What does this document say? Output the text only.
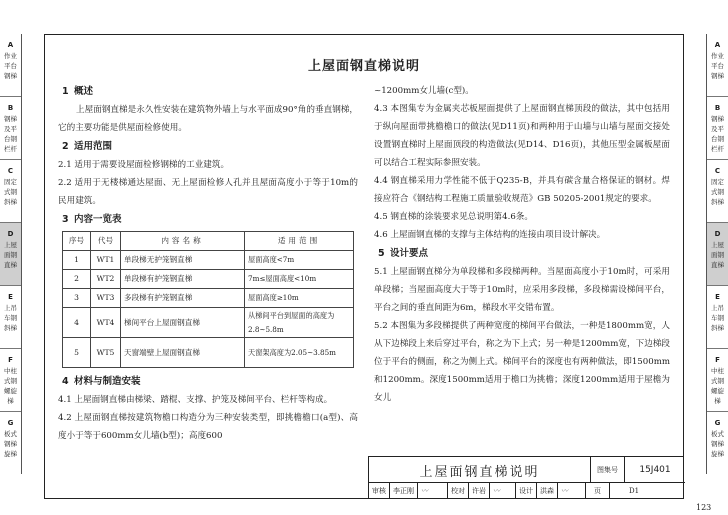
A
作业平台钢梯
B
钢梯及平台钢栏杆
C
固定式钢斜梯
D
上屋面钢直梯
E
上吊车钢斜梯
F
中柱式钢螺旋梯
G
板式钢梯旋梯
A
作业平台钢梯
B
钢梯及平台钢栏杆
C
固定式钢斜梯
D
上屋面钢直梯
E
上吊车钢斜梯
F
中柱式钢螺旋梯
G
板式钢梯旋梯
上屋面钢直梯说明
1 概述
上屋面钢直梯是永久性安装在建筑物外墙上与水平面成90°角的垂直钢梯，它的主要功能是供屋面检修使用。
2 适用范围
2.1 适用于需要设屋面检修钢梯的工业建筑。
2.2 适用于无楼梯通达屋面、无上屋面检修人孔并且屋面高度小于等于10m的民用建筑。
3 内容一览表
序号	代号	内容名称	适用范围
1	WT1	单段梯无护笼钢直梯	屋面高度<7m
2	WT2	单段梯有护笼钢直梯	7m≤屋面高度<10m
3	WT3	多段梯有护笼钢直梯	屋面高度≥10m
4	WT4	梯间平台上屋面钢直梯	从梯间平台到屋面的高度为2.8~5.8m
5	WT5	天窗端壁上屋面钢直梯	天窗架高度为2.05~3.85m
4 材料与制造安装
4.1 上屋面钢直梯由梯梁、踏棍、支撑、护笼及梯间平台、栏杆等构成。
4.2 上屋面钢直梯按建筑物檐口构造分为三种安装类型，即挑檐檐口(a型)、高度小于等于600mm女儿墙(b型)；高度600
~1200mm女儿墙(c型)。
4.3 本图集专为金属夹芯板屋面提供了上屋面钢直梯顶段的做法，其中包括用于纵向屋面带挑檐檐口的做法(见D11页)和两种用于山墙与山墙与屋面交接处设置钢直梯时上屋面顶段的构造做法(见D14、D16页)，其他压型金属板屋面可以结合工程实际参照安装。
4.4 钢直梯采用力学性能不低于Q235-B，并具有碳含量合格保证的钢材。焊接应符合《钢结构工程施工质量验收规范》GB 50205-2001规定的要求。
4.5 钢直梯的涂装要求见总说明第4.6条。
4.6 上屋面钢直梯的支撑与主体结构的连接由项目设计解决。
5 设计要点
5.1 上屋面钢直梯分为单段梯和多段梯两种。当屋面高度小于10m时，可采用单段梯；当屋面高度大于等于10m时，应采用多段梯，多段梯需设梯间平台，平台之间的垂直间距为6m，梯段水平交错布置。
5.2 本图集为多段梯提供了两种宽度的梯间平台做法，一种是1800mm宽，人从下边梯段上来后穿过平台，称之为下上式；另一种是1200mm宽，下边梯段位于平台的侧面，称之为侧上式。梯间平台的深度也有两种做法，即1500mm和1200mm。深度1500mm适用于檐口为挑檐；深度1200mm适用于屋檐为女儿
上屋面钢直梯说明	图集号	15J401
审核	李正刚	〰	校对	许岩	〰	设计	洪森	〰	页	D1
123
